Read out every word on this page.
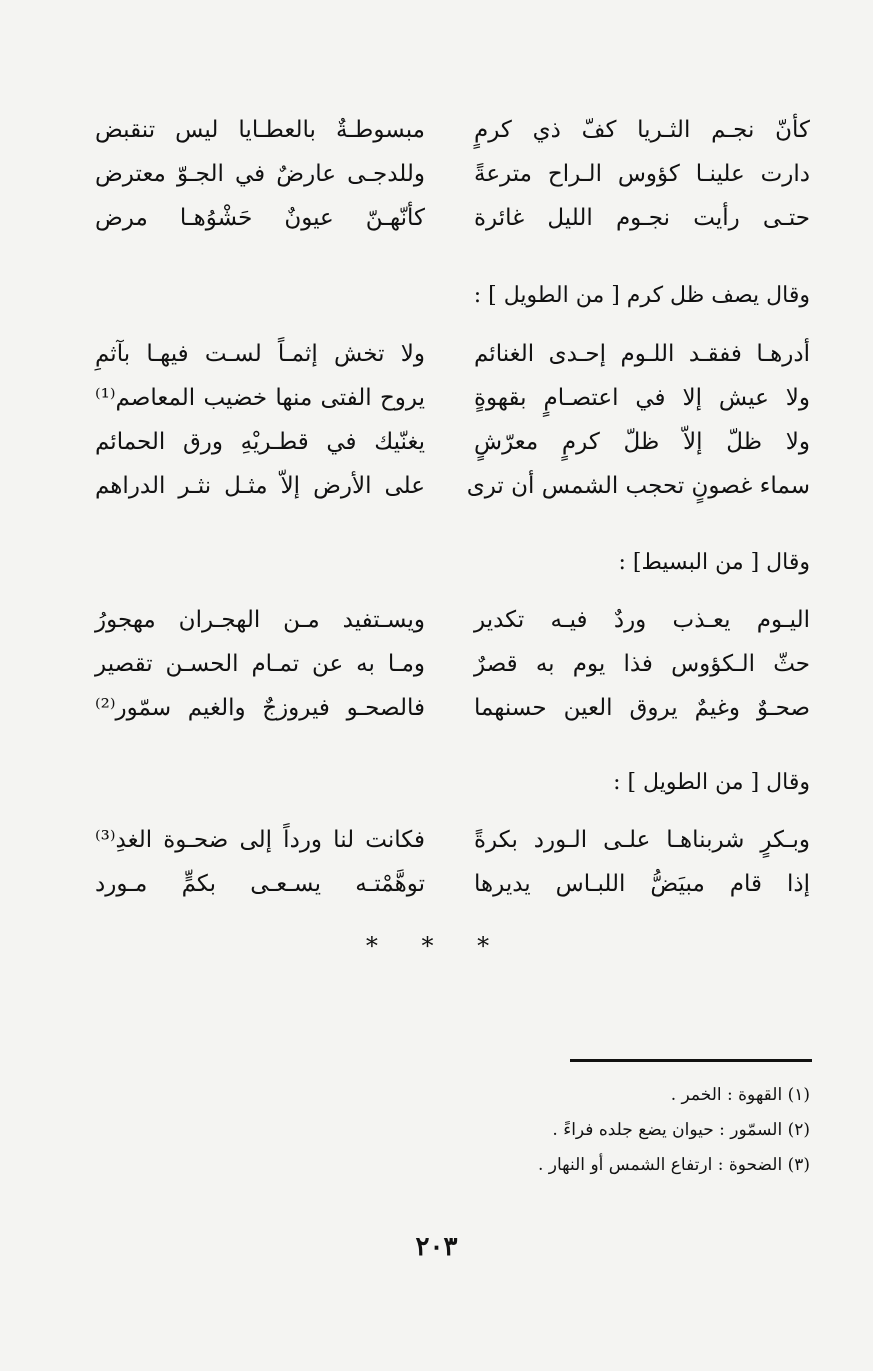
كأنّ نجـم الثـريا كفّ ذي كرمٍ
مبسوطـةٌ بالعطـايا ليس تنقبض
دارت علينـا كؤوس الـراح مترعةً
وللدجـى عارضٌ في الجـوّ معترض
حتـى رأيت نجـوم الليل غائرة
كأنّهـنّ عيونٌ حَشْوُهـا مرض
وقال يصف ظل كرم [ من الطويل ] :
أدرهـا ففقـد اللـوم إحـدى الغنائم
ولا تخش إثمـاً لسـت فيهـا بآثمِ
ولا عيش إلا في اعتصـامٍ بقهوةٍ
يروح الفتى منها خضيب المعاصم⁽¹⁾
ولا ظلّ إلاّ ظلّ كرمٍ معرّشٍ
يغنّيك في قطـريْهِ ورق الحمائم
سماء غصونٍ تحجب الشمس أن ترى
على الأرض إلاّ مثـل نثـر الدراهم
وقال [ من البسيط] :
اليـوم يعـذب وردٌ فيـه تكدير
ويسـتفيد مـن الهجـران مهجورُ
حثّ الـكؤوس فذا يوم به قصرٌ
ومـا به عن تمـام الحسـن تقصير
صحـوٌ وغيمٌ يروق العين حسنهما
فالصحـو فيروزجٌ والغيم سمّور⁽²⁾
وقال [ من الطويل ] :
وبـكرٍ شربناهـا علـى الـورد بكرةً
فكانت لنا ورداً إلى ضحـوة الغدِ⁽³⁾
إذا قام مبيَضُّ اللبـاس يديرها
توهَّمْتـه يسـعـى بكمٍّ مـورد
* * *
(١) القهوة : الخمر .
(٢) السمّور : حيوان يضع جلده فراءً .
(٣) الضحوة : ارتفاع الشمس أو النهار .
٢٠٣
